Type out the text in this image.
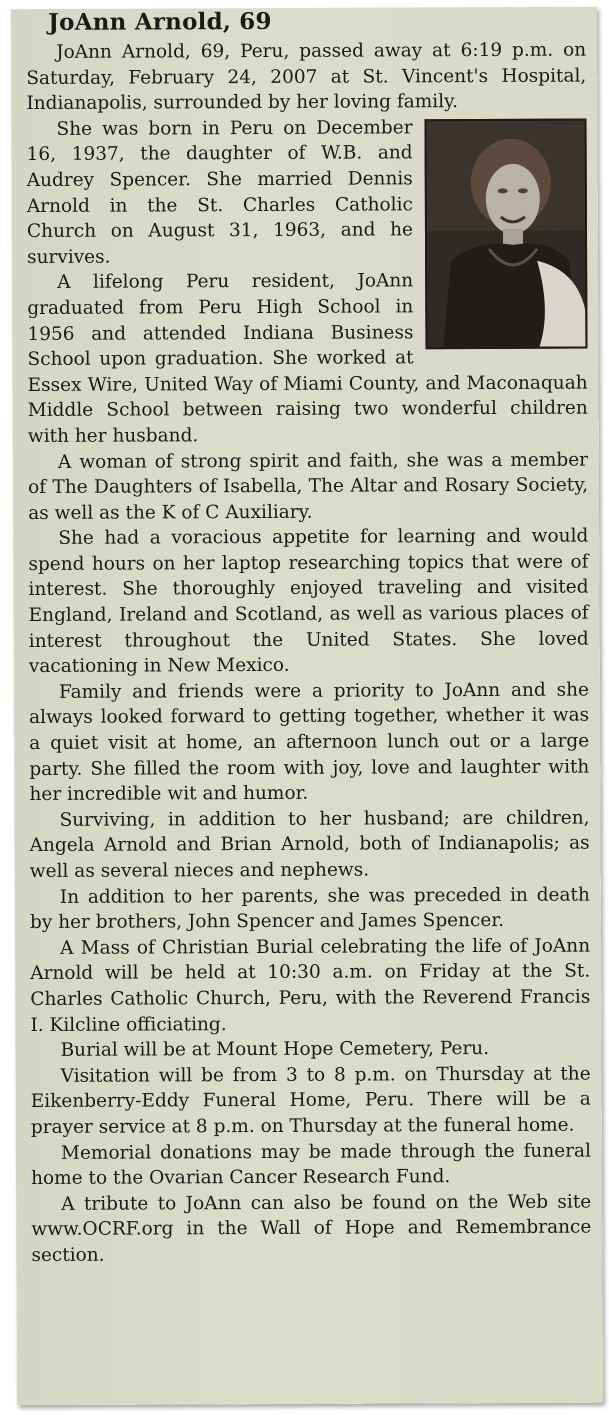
JoAnn Arnold, 69

JoAnn Arnold, 69, Peru, passed away at 6:19 p.m. on Saturday, February 24, 2007 at St. Vincent's Hospital, Indianapolis, surrounded by her loving family.

She was born in Peru on December 16, 1937, the daughter of W.B. and Audrey Spencer. She married Dennis Arnold in the St. Charles Catholic Church on August 31, 1963, and he survives.

A lifelong Peru resident, JoAnn graduated from Peru High School in 1956 and attended Indiana Business School upon graduation. She worked at Essex Wire, United Way of Miami County, and Maconaquah Middle School between raising two wonderful children with her husband.

A woman of strong spirit and faith, she was a member of The Daughters of Isabella, The Altar and Rosary Society, as well as the K of C Auxiliary.

She had a voracious appetite for learning and would spend hours on her laptop researching topics that were of interest. She thoroughly enjoyed traveling and visited England, Ireland and Scotland, as well as various places of interest throughout the United States. She loved vacationing in New Mexico.

Family and friends were a priority to JoAnn and she always looked forward to getting together, whether it was a quiet visit at home, an afternoon lunch out or a large party. She filled the room with joy, love and laughter with her incredible wit and humor.

Surviving, in addition to her husband; are children, Angela Arnold and Brian Arnold, both of Indianapolis; as well as several nieces and nephews.

In addition to her parents, she was preceded in death by her brothers, John Spencer and James Spencer.

A Mass of Christian Burial celebrating the life of JoAnn Arnold will be held at 10:30 a.m. on Friday at the St. Charles Catholic Church, Peru, with the Reverend Francis I. Kilcline officiating.

Burial will be at Mount Hope Cemetery, Peru.

Visitation will be from 3 to 8 p.m. on Thursday at the Eikenberry-Eddy Funeral Home, Peru. There will be a prayer service at 8 p.m. on Thursday at the funeral home.

Memorial donations may be made through the funeral home to the Ovarian Cancer Research Fund.

A tribute to JoAnn can also be found on the Web site www.OCRF.org in the Wall of Hope and Remembrance section.
